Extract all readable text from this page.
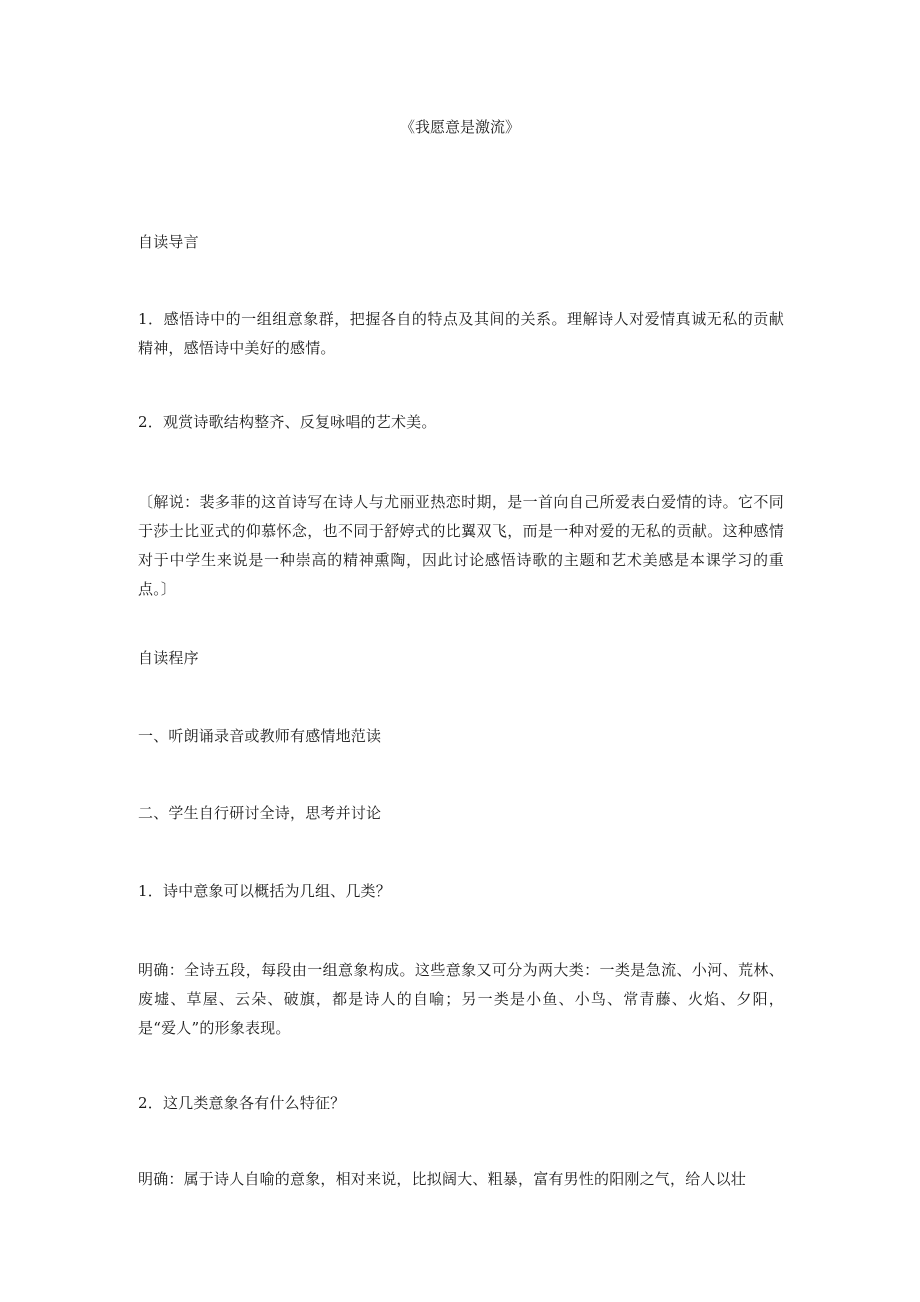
《我愿意是激流》
自读导言
1．感悟诗中的一组组意象群，把握各自的特点及其间的关系。理解诗人对爱情真诚无私的贡献精神，感悟诗中美好的感情。
2．观赏诗歌结构整齐、反复咏唱的艺术美。
〔解说：裴多菲的这首诗写在诗人与尤丽亚热恋时期，是一首向自己所爱表白爱情的诗。它不同于莎士比亚式的仰慕怀念，也不同于舒婷式的比翼双飞，而是一种对爱的无私的贡献。这种感情对于中学生来说是一种崇高的精神熏陶，因此讨论感悟诗歌的主题和艺术美感是本课学习的重点。〕
自读程序
一、听朗诵录音或教师有感情地范读
二、学生自行研讨全诗，思考并讨论
1．诗中意象可以概括为几组、几类？
明确：全诗五段，每段由一组意象构成。这些意象又可分为两大类：一类是急流、小河、荒林、废墟、草屋、云朵、破旗，都是诗人的自喻；另一类是小鱼、小鸟、常青藤、火焰、夕阳，是“爱人”的形象表现。
2．这几类意象各有什么特征？
明确：属于诗人自喻的意象，相对来说，比拟阔大、粗暴，富有男性的阳刚之气，给人以壮
